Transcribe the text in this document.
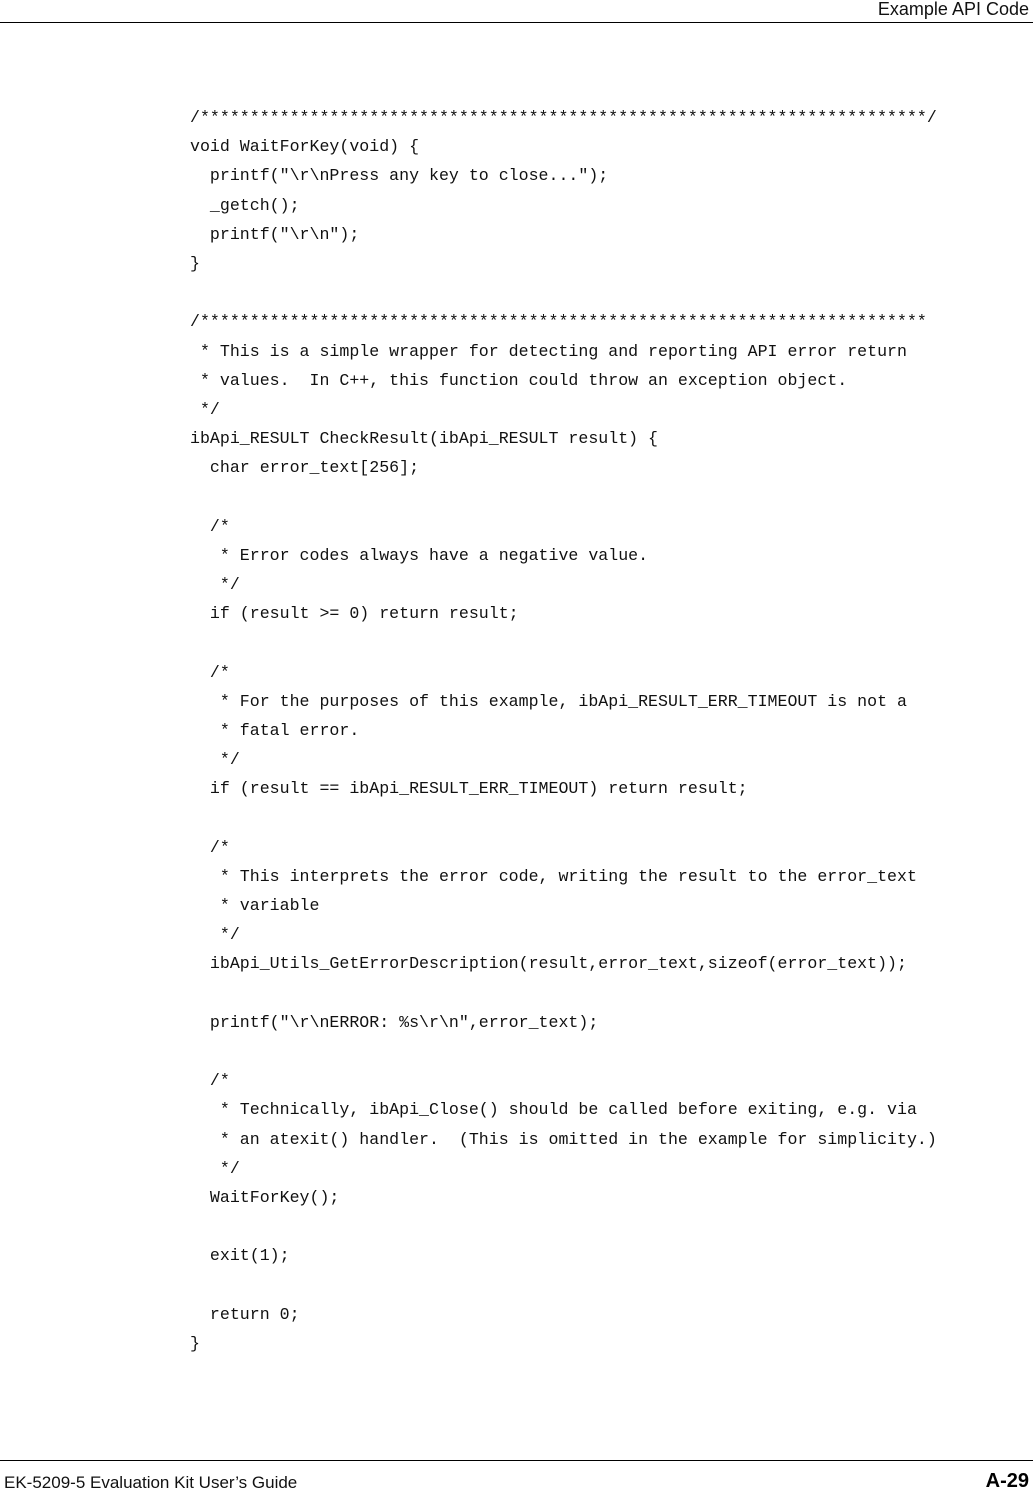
Example API Code
/*************************************************************************/
void WaitForKey(void) {
printf("\r\nPress any key to close...");
_getch();
printf("\r\n");
}
/*************************************************************************
* This is a simple wrapper for detecting and reporting API error return
* values.  In C++, this function could throw an exception object.
*/
ibApi_RESULT CheckResult(ibApi_RESULT result) {
char error_text[256];
/*
* Error codes always have a negative value.
*/
if (result >= 0) return result;
/*
* For the purposes of this example, ibApi_RESULT_ERR_TIMEOUT is not a
* fatal error.
*/
if (result == ibApi_RESULT_ERR_TIMEOUT) return result;
/*
* This interprets the error code, writing the result to the error_text
* variable
*/
ibApi_Utils_GetErrorDescription(result,error_text,sizeof(error_text));
printf("\r\nERROR: %s\r\n",error_text);
/*
* Technically, ibApi_Close() should be called before exiting, e.g. via
* an atexit() handler.  (This is omitted in the example for simplicity.)
*/
WaitForKey();
exit(1);
return 0;
}
EK-5209-5 Evaluation Kit User’s Guide	A-29
